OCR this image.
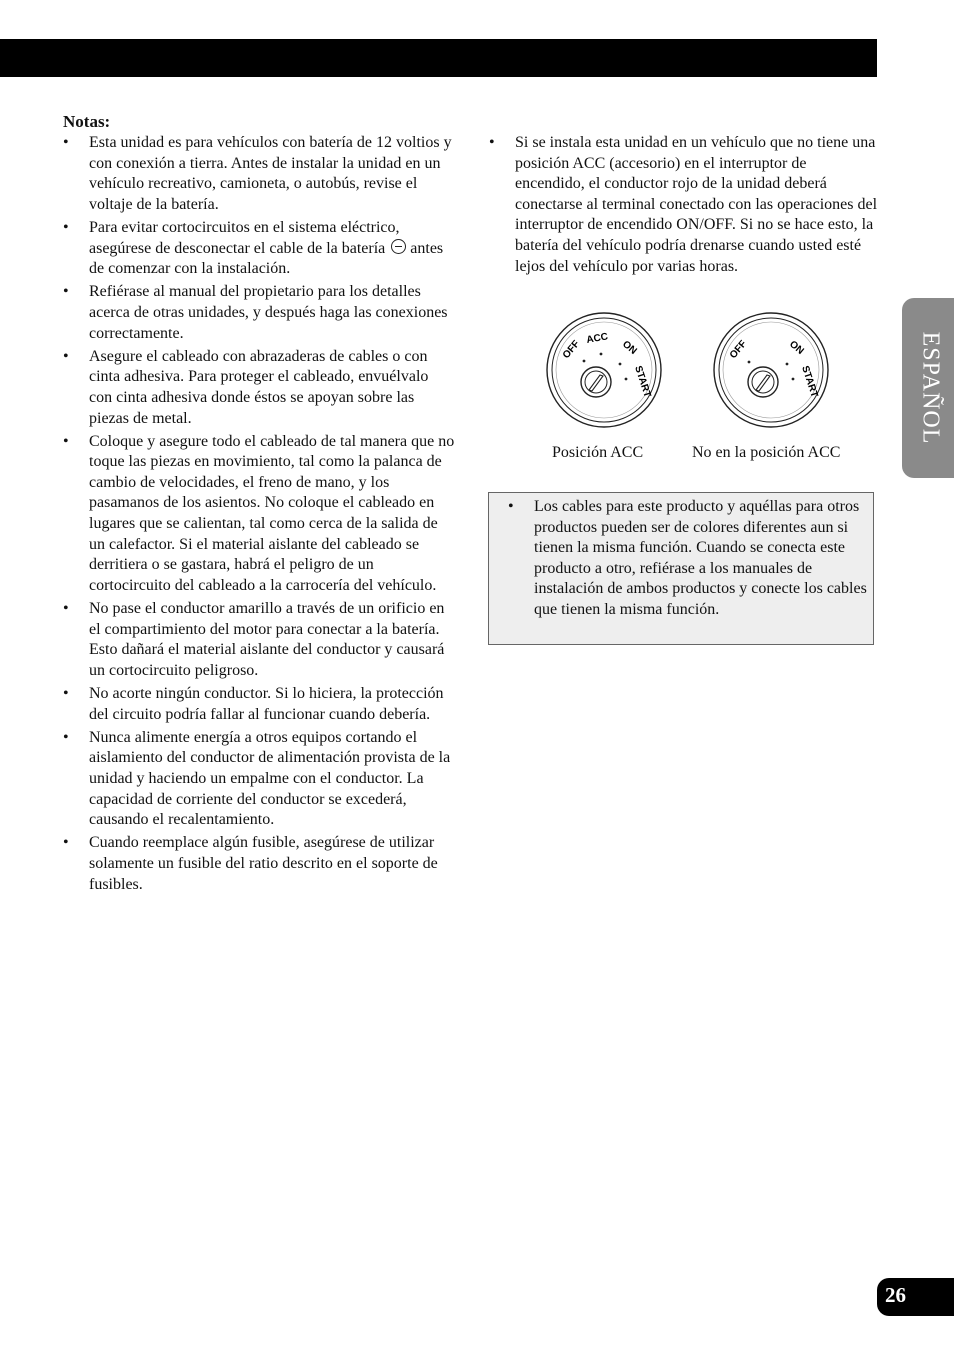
ESPAÑOL
Notas:
• Esta unidad es para vehículos con batería de 12 voltios y con conexión a tierra. Antes de instalar la unidad en un vehículo recreativo, camioneta, o autobús, revise el voltaje de la batería.
• Para evitar cortocircuitos en el sistema eléctrico, asegúrese de desconectar el cable de la batería antes de comenzar con la instalación.
• Refiérase al manual del propietario para los detalles acerca de otras unidades, y después haga las conexiones correctamente.
• Asegure el cableado con abrazaderas de cables o con cinta adhesiva. Para proteger el cableado, envuélvalo con cinta adhesiva donde éstos se apoyan sobre las piezas de metal.
• Coloque y asegure todo el cableado de tal manera que no toque las piezas en movimiento, tal como la palanca de cambio de velocidades, el freno de mano, y los pasamanos de los asientos. No coloque el cableado en lugares que se calientan, tal como cerca de la salida de un calefactor. Si el material aislante del cableado se derritiera o se gastara, habrá el peligro de un cortocircuito del cableado a la carrocería del vehículo.
• No pase el conductor amarillo a través de un orificio en el compartimiento del motor para conectar a la batería. Esto dañará el material aislante del conductor y causará un cortocircuito peligroso.
• No acorte ningún conductor. Si lo hiciera, la protección del circuito podría fallar al funcionar cuando debería.
• Nunca alimente energía a otros equipos cortando el aislamiento del conductor de alimentación provista de la unidad y haciendo un empalme con el conductor. La capacidad de corriente del conductor se excederá, causando el recalentamiento.
• Cuando reemplace algún fusible, asegúrese de utilizar solamente un fusible del ratio descrito en el soporte de fusibles.
• Si se instala esta unidad en un vehículo que no tiene una posición ACC (accesorio) en el interruptor de encendido, el conductor rojo de la unidad deberá conectarse al terminal conectado con las operaciones del interruptor de encendido ON/OFF. Si no se hace esto, la batería del vehículo podría drenarse cuando usted esté lejos del vehículo por varias horas.
OFF ACC
ON
START
OFF	ON
START
Posición ACC	No en la posición ACC
• Los cables para este producto y aquéllas para otros productos pueden ser de colores diferentes aun si tienen la misma función. Cuando se conecta este producto a otro, refiérase a los manuales de instalación de ambos productos y conecte los cables que tienen la misma función.
26
